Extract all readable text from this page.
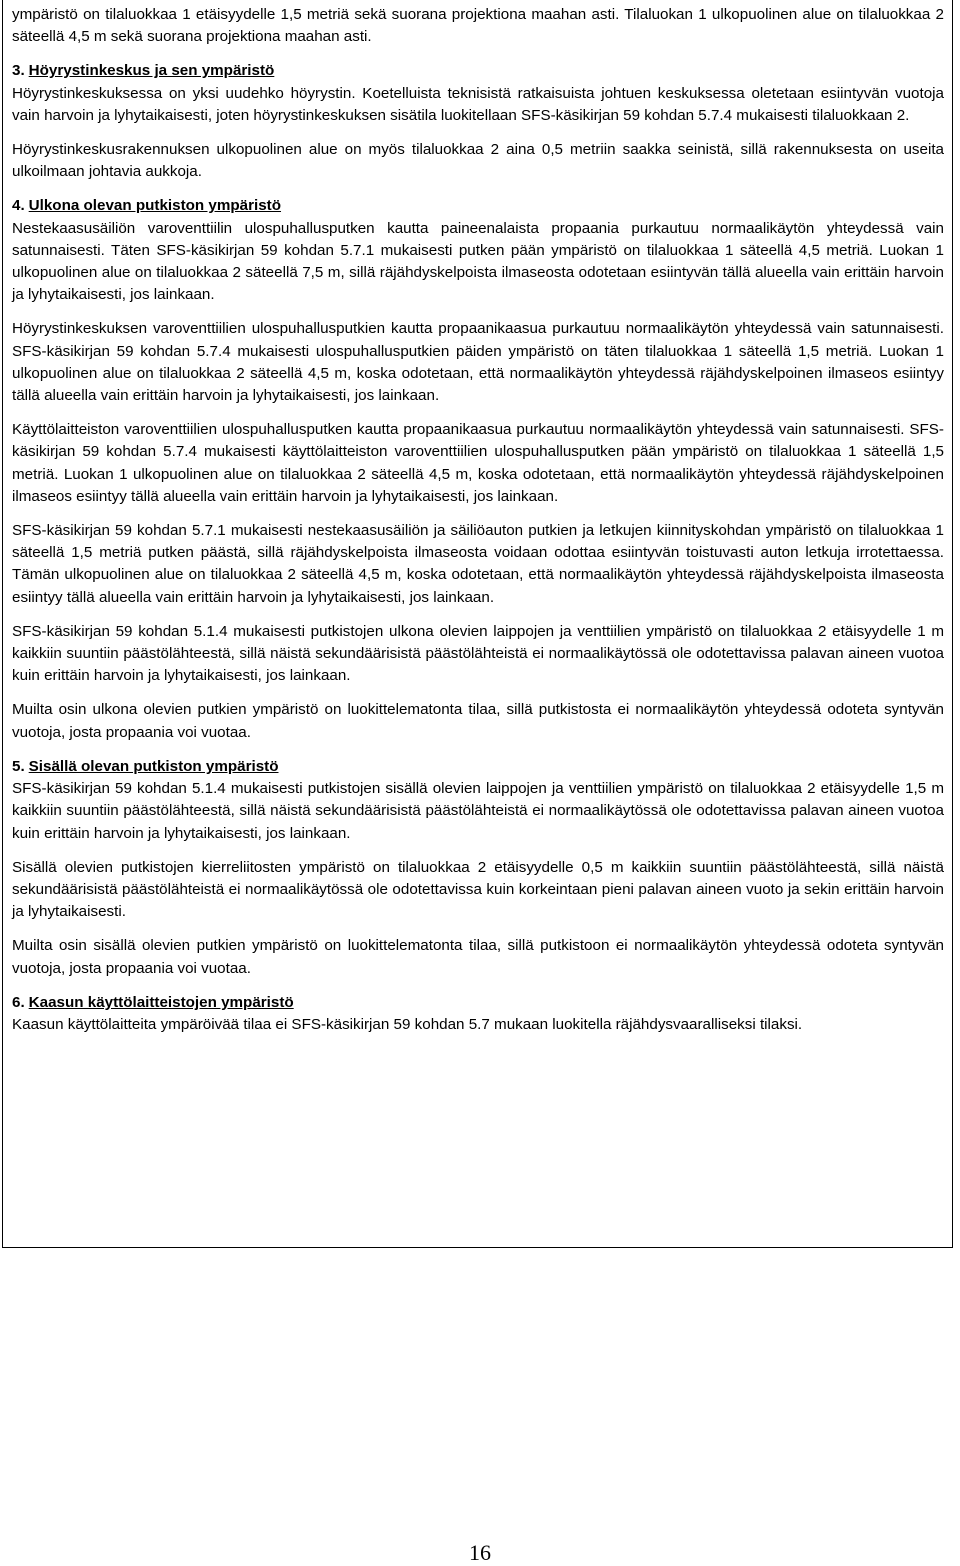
ympäristö on tilaluokkaa 1 etäisyydelle 1,5 metriä sekä suorana projektiona maahan asti. Tilaluokan 1 ulkopuolinen alue on tilaluokkaa 2 säteellä 4,5 m sekä suorana projektiona maahan asti.

3. Höyrystinkeskus ja sen ympäristö

Höyrystinkeskuksessa on yksi uudehko höyrystin. Koetelluista teknisistä ratkaisuista johtuen keskuksessa oletetaan esiintyvän vuotoja vain harvoin ja lyhytaikaisesti, joten höyrystinkeskuksen sisätila luokitellaan SFS-käsikirjan 59 kohdan 5.7.4 mukaisesti tilaluokkaan 2.

Höyrystinkeskusrakennuksen ulkopuolinen alue on myös tilaluokkaa 2 aina 0,5 metriin saakka seinistä, sillä rakennuksesta on useita ulkoilmaan johtavia aukkoja.

4. Ulkona olevan putkiston ympäristö

Nestekaasusäiliön varoventtiilin ulospuhallusputken kautta paineenalaista propaania purkautuu normaalikäytön yhteydessä vain satunnaisesti. Täten SFS-käsikirjan 59 kohdan 5.7.1 mukaisesti putken pään ympäristö on tilaluokkaa 1 säteellä 4,5 metriä. Luokan 1 ulkopuolinen alue on tilaluokkaa 2 säteellä 7,5 m, sillä räjähdyskelpoista ilmaseosta odotetaan esiintyvän tällä alueella vain erittäin harvoin ja lyhytaikaisesti, jos lainkaan.

Höyrystinkeskuksen varoventtiilien ulospuhallusputkien kautta propaanikaasua purkautuu normaalikäytön yhteydessä vain satunnaisesti. SFS-käsikirjan 59 kohdan 5.7.4 mukaisesti ulospuhallusputkien päiden ympäristö on täten tilaluokkaa 1 säteellä 1,5 metriä. Luokan 1 ulkopuolinen alue on tilaluokkaa 2 säteellä 4,5 m, koska odotetaan, että normaalikäytön yhteydessä räjähdyskelpoinen ilmaseos esiintyy tällä alueella vain erittäin harvoin ja lyhytaikaisesti, jos lainkaan.

Käyttölaitteiston varoventtiilien ulospuhallusputken kautta propaanikaasua purkautuu normaalikäytön yhteydessä vain satunnaisesti. SFS-käsikirjan 59 kohdan 5.7.4 mukaisesti käyttölaitteiston varoventtiilien ulospuhallusputken pään ympäristö on tilaluokkaa 1 säteellä 1,5 metriä. Luokan 1 ulkopuolinen alue on tilaluokkaa 2 säteellä 4,5 m, koska odotetaan, että normaalikäytön yhteydessä räjähdyskelpoinen ilmaseos esiintyy tällä alueella vain erittäin harvoin ja lyhytaikaisesti, jos lainkaan.

SFS-käsikirjan 59 kohdan 5.7.1 mukaisesti nestekaasusäiliön ja säiliöauton putkien ja letkujen kiinnityskohdan ympäristö on tilaluokkaa 1 säteellä 1,5 metriä putken päästä, sillä räjähdyskelpoista ilmaseosta voidaan odottaa esiintyvän toistuvasti auton letkuja irrotettaessa. Tämän ulkopuolinen alue on tilaluokkaa 2 säteellä 4,5 m, koska odotetaan, että normaalikäytön yhteydessä räjähdyskelpoista ilmaseosta esiintyy tällä alueella vain erittäin harvoin ja lyhytaikaisesti, jos lainkaan.

SFS-käsikirjan 59 kohdan 5.1.4 mukaisesti putkistojen ulkona olevien laippojen ja venttiilien ympäristö on tilaluokkaa 2 etäisyydelle 1 m kaikkiin suuntiin päästölähteestä, sillä näistä sekundäärisistä päästölähteistä ei normaalikäytössä ole odotettavissa palavan aineen vuotoa kuin erittäin harvoin ja lyhytaikaisesti, jos lainkaan.

Muilta osin ulkona olevien putkien ympäristö on luokittelematonta tilaa, sillä putkistosta ei normaalikäytön yhteydessä odoteta syntyvän vuotoja, josta propaania voi vuotaa.

5. Sisällä olevan putkiston ympäristö

SFS-käsikirjan 59 kohdan 5.1.4 mukaisesti putkistojen sisällä olevien laippojen ja venttiilien ympäristö on tilaluokkaa 2 etäisyydelle 1,5 m kaikkiin suuntiin päästölähteestä, sillä näistä sekundäärisistä päästölähteistä ei normaalikäytössä ole odotettavissa palavan aineen vuotoa kuin erittäin harvoin ja lyhytaikaisesti, jos lainkaan.

Sisällä olevien putkistojen kierreliitosten ympäristö on tilaluokkaa 2 etäisyydelle 0,5 m kaikkiin suuntiin päästölähteestä, sillä näistä sekundäärisistä päästölähteistä ei normaalikäytössä ole odotettavissa kuin korkeintaan pieni palavan aineen vuoto ja sekin erittäin harvoin ja lyhytaikaisesti.

Muilta osin sisällä olevien putkien ympäristö on luokittelematonta tilaa, sillä putkistoon ei normaalikäytön yhteydessä odoteta syntyvän vuotoja, josta propaania voi vuotaa.

6. Kaasun käyttölaitteistojen ympäristö

Kaasun käyttölaitteita ympäröivää tilaa ei SFS-käsikirjan 59 kohdan 5.7 mukaan luokitella räjähdysvaaralliseksi tilaksi.

16
